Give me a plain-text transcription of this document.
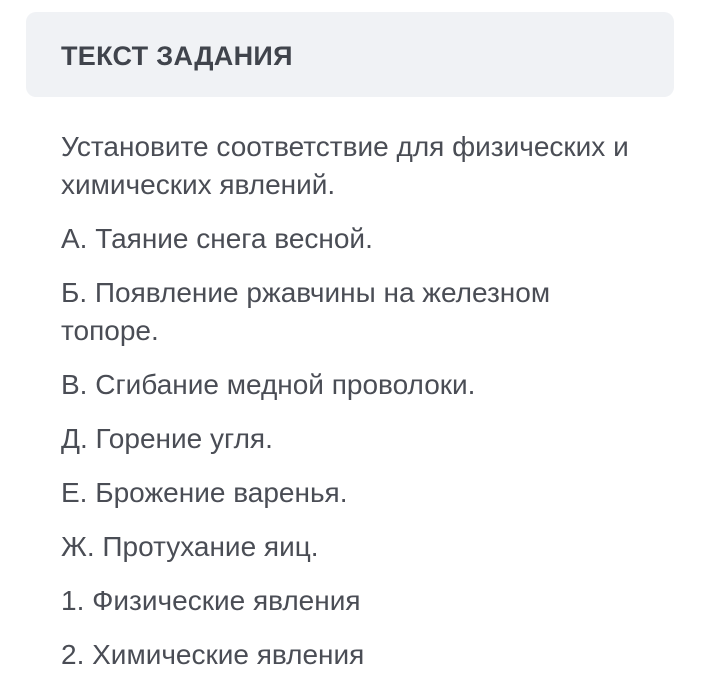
ТЕКСТ ЗАДАНИЯ

Установите соответствие для физических и химических явлений.

А. Таяние снега весной.

Б. Появление ржавчины на железном топоре.

В. Сгибание медной проволоки.

Д. Горение угля.

Е. Брожение варенья.

Ж. Протухание яиц.

1. Физические явления

2. Химические явления
